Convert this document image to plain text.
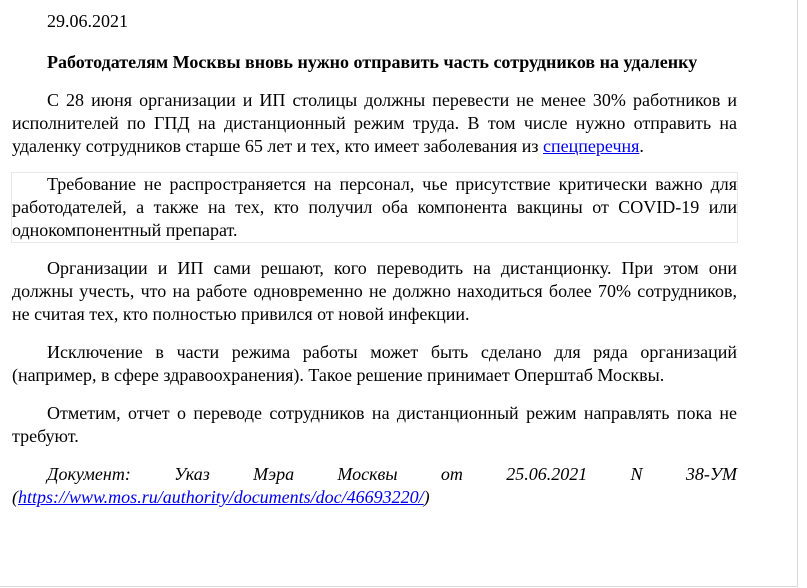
29.06.2021

Работодателям Москвы вновь нужно отправить часть сотрудников на удаленку

С 28 июня организации и ИП столицы должны перевести не менее 30% работников и исполнителей по ГПД на дистанционный режим труда. В том числе нужно отправить на удаленку сотрудников старше 65 лет и тех, кто имеет заболевания из спецперечня.

Требование не распространяется на персонал, чье присутствие критически важно для работодателей, а также на тех, кто получил оба компонента вакцины от COVID-19 или однокомпонентный препарат.

Организации и ИП сами решают, кого переводить на дистанционку. При этом они должны учесть, что на работе одновременно не должно находиться более 70% сотрудников, не считая тех, кто полностью привился от новой инфекции.

Исключение в части режима работы может быть сделано для ряда организаций (например, в сфере здравоохранения). Такое решение принимает Оперштаб Москвы.

Отметим, отчет о переводе сотрудников на дистанционный режим направлять пока не требуют.

Документ: Указ Мэра Москвы от 25.06.2021 N 38-УМ (https://www.mos.ru/authority/documents/doc/46693220/)
